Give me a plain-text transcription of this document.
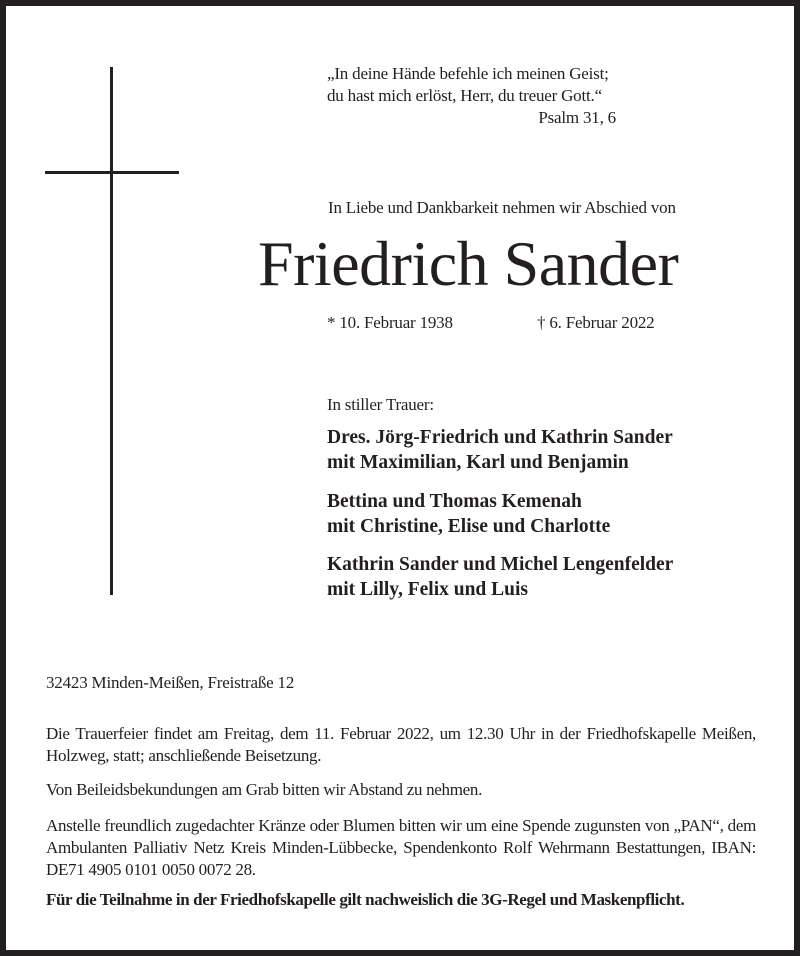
„In deine Hände befehle ich meinen Geist;
du hast mich erlöst, Herr, du treuer Gott.“
Psalm 31, 6
In Liebe und Dankbarkeit nehmen wir Abschied von
Friedrich Sander
* 10. Februar 1938	† 6. Februar 2022
In stiller Trauer:
Dres. Jörg-Friedrich und Kathrin Sander
mit Maximilian, Karl und Benjamin
Bettina und Thomas Kemenah
mit Christine, Elise und Charlotte
Kathrin Sander und Michel Lengenfelder
mit Lilly, Felix und Luis
32423 Minden-Meißen, Freistraße 12

Die Trauerfeier findet am Freitag, dem 11. Februar 2022, um 12.30 Uhr in der Friedhofskapelle Meißen, Holzweg, statt; anschließende Beisetzung.

Von Beileidsbekundungen am Grab bitten wir Abstand zu nehmen.

Anstelle freundlich zugedachter Kränze oder Blumen bitten wir um eine Spende zugunsten von „PAN“, dem Ambulanten Palliativ Netz Kreis Minden-Lübbecke, Spendenkonto Rolf Wehrmann Bestattungen, IBAN: DE71 4905 0101 0050 0072 28.

Für die Teilnahme in der Friedhofskapelle gilt nachweislich die 3G-Regel und Maskenpflicht.
